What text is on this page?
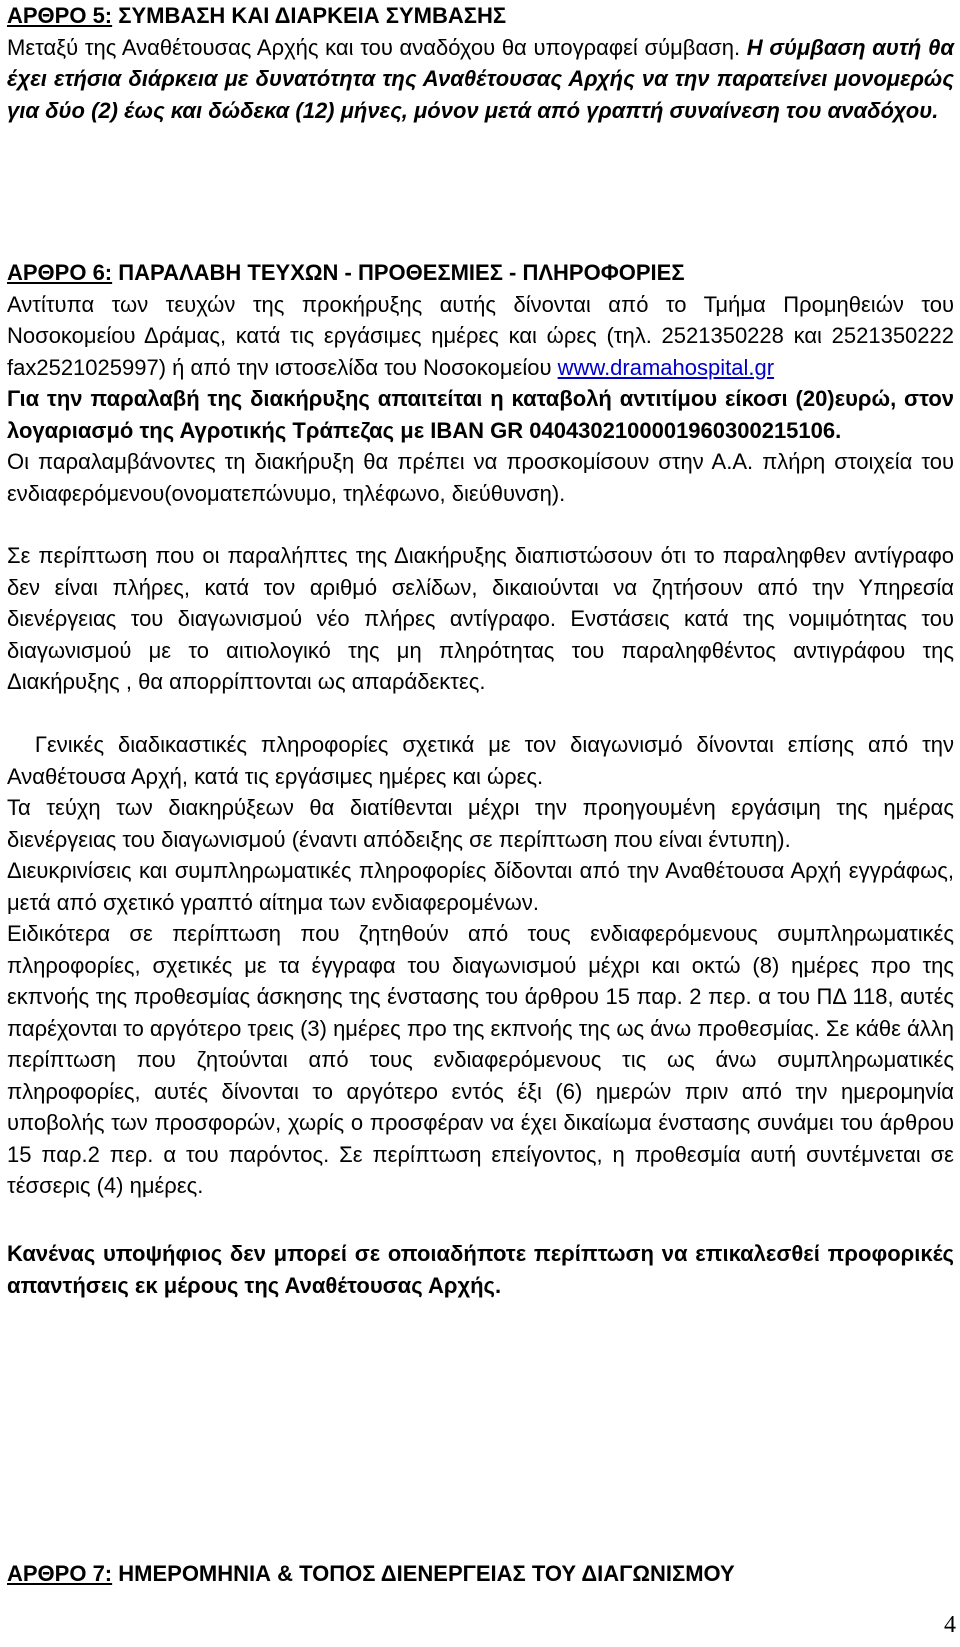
ΑΡΘΡΟ 5: ΣΥΜΒΑΣΗ ΚΑΙ ΔΙΑΡΚΕΙΑ ΣΥΜΒΑΣΗΣ

Μεταξύ της Αναθέτουσας Αρχής και του αναδόχου θα υπογραφεί σύμβαση. Η σύμβαση αυτή θα έχει ετήσια διάρκεια με δυνατότητα της Αναθέτουσας Αρχής να την παρατείνει μονομερώς για δύο (2) έως και δώδεκα (12) μήνες, μόνον μετά από γραπτή συναίνεση του αναδόχου.

ΑΡΘΡΟ 6: ΠΑΡΑΛΑΒΗ ΤΕΥΧΩΝ - ΠΡΟΘΕΣΜΙΕΣ - ΠΛΗΡΟΦΟΡΙΕΣ

Αντίτυπα των τευχών της προκήρυξης αυτής δίνονται από το Τμήμα Προμηθειών του Νοσοκομείου Δράμας, κατά τις εργάσιμες ημέρες και ώρες (τηλ. 2521350228 και 2521350222 fax2521025997) ή από την ιστοσελίδα του Νοσοκομείου www.dramahospital.gr

Για την παραλαβή της διακήρυξης απαιτείται η καταβολή αντιτίμου είκοσι (20)ευρώ, στον λογαριασμό της Αγροτικής Τράπεζας με IBAN GR 0404302100001960300215106.

Οι παραλαμβάνοντες τη διακήρυξη θα πρέπει να προσκομίσουν στην Α.Α. πλήρη στοιχεία του ενδιαφερόμενου(ονοματεπώνυμο, τηλέφωνο, διεύθυνση).

Σε περίπτωση που οι παραλήπτες της Διακήρυξης διαπιστώσουν ότι το παραληφθεν αντίγραφο δεν είναι πλήρες, κατά τον αριθμό σελίδων, δικαιούνται να ζητήσουν από την Υπηρεσία διενέργειας του διαγωνισμού νέο πλήρες αντίγραφο. Ενστάσεις κατά της νομιμότητας του διαγωνισμού με το αιτιολογικό της μη πληρότητας του παραληφθέντος αντιγράφου της Διακήρυξης , θα απορρίπτονται ως απαράδεκτες.

Γενικές διαδικαστικές πληροφορίες σχετικά με τον διαγωνισμό δίνονται επίσης από την Αναθέτουσα Αρχή, κατά τις εργάσιμες ημέρες και ώρες.

Τα τεύχη των διακηρύξεων θα διατίθενται μέχρι την προηγουμένη εργάσιμη της ημέρας διενέργειας του διαγωνισμού (έναντι απόδειξης σε περίπτωση που είναι έντυπη).

Διευκρινίσεις και συμπληρωματικές πληροφορίες δίδονται από την Αναθέτουσα Αρχή εγγράφως, μετά από σχετικό γραπτό αίτημα των ενδιαφερομένων.

Ειδικότερα σε περίπτωση που ζητηθούν από τους ενδιαφερόμενους συμπληρωματικές πληροφορίες, σχετικές με τα έγγραφα του διαγωνισμού μέχρι και οκτώ (8) ημέρες προ της εκπνοής της προθεσμίας άσκησης της ένστασης του άρθρου 15 παρ. 2 περ. α του ΠΔ 118, αυτές παρέχονται το αργότερο τρεις (3) ημέρες προ της εκπνοής της ως άνω προθεσμίας. Σε κάθε άλλη περίπτωση που ζητούνται από τους ενδιαφερόμενους τις ως άνω συμπληρωματικές πληροφορίες, αυτές δίνονται το αργότερο εντός έξι (6) ημερών πριν από την ημερομηνία υποβολής των προσφορών, χωρίς ο προσφέραν να έχει δικαίωμα ένστασης συνάμει του άρθρου 15 παρ.2 περ. α του παρόντος. Σε περίπτωση επείγοντος, η προθεσμία αυτή συντέμνεται σε τέσσερις (4) ημέρες.

Κανένας υποψήφιος δεν μπορεί σε οποιαδήποτε περίπτωση να επικαλεσθεί προφορικές απαντήσεις εκ μέρους της Αναθέτουσας Αρχής.

ΑΡΘΡΟ 7: ΗΜΕΡΟΜΗΝΙΑ & ΤΟΠΟΣ ΔΙΕΝΕΡΓΕΙΑΣ ΤΟΥ ΔΙΑΓΩΝΙΣΜΟΥ

4
